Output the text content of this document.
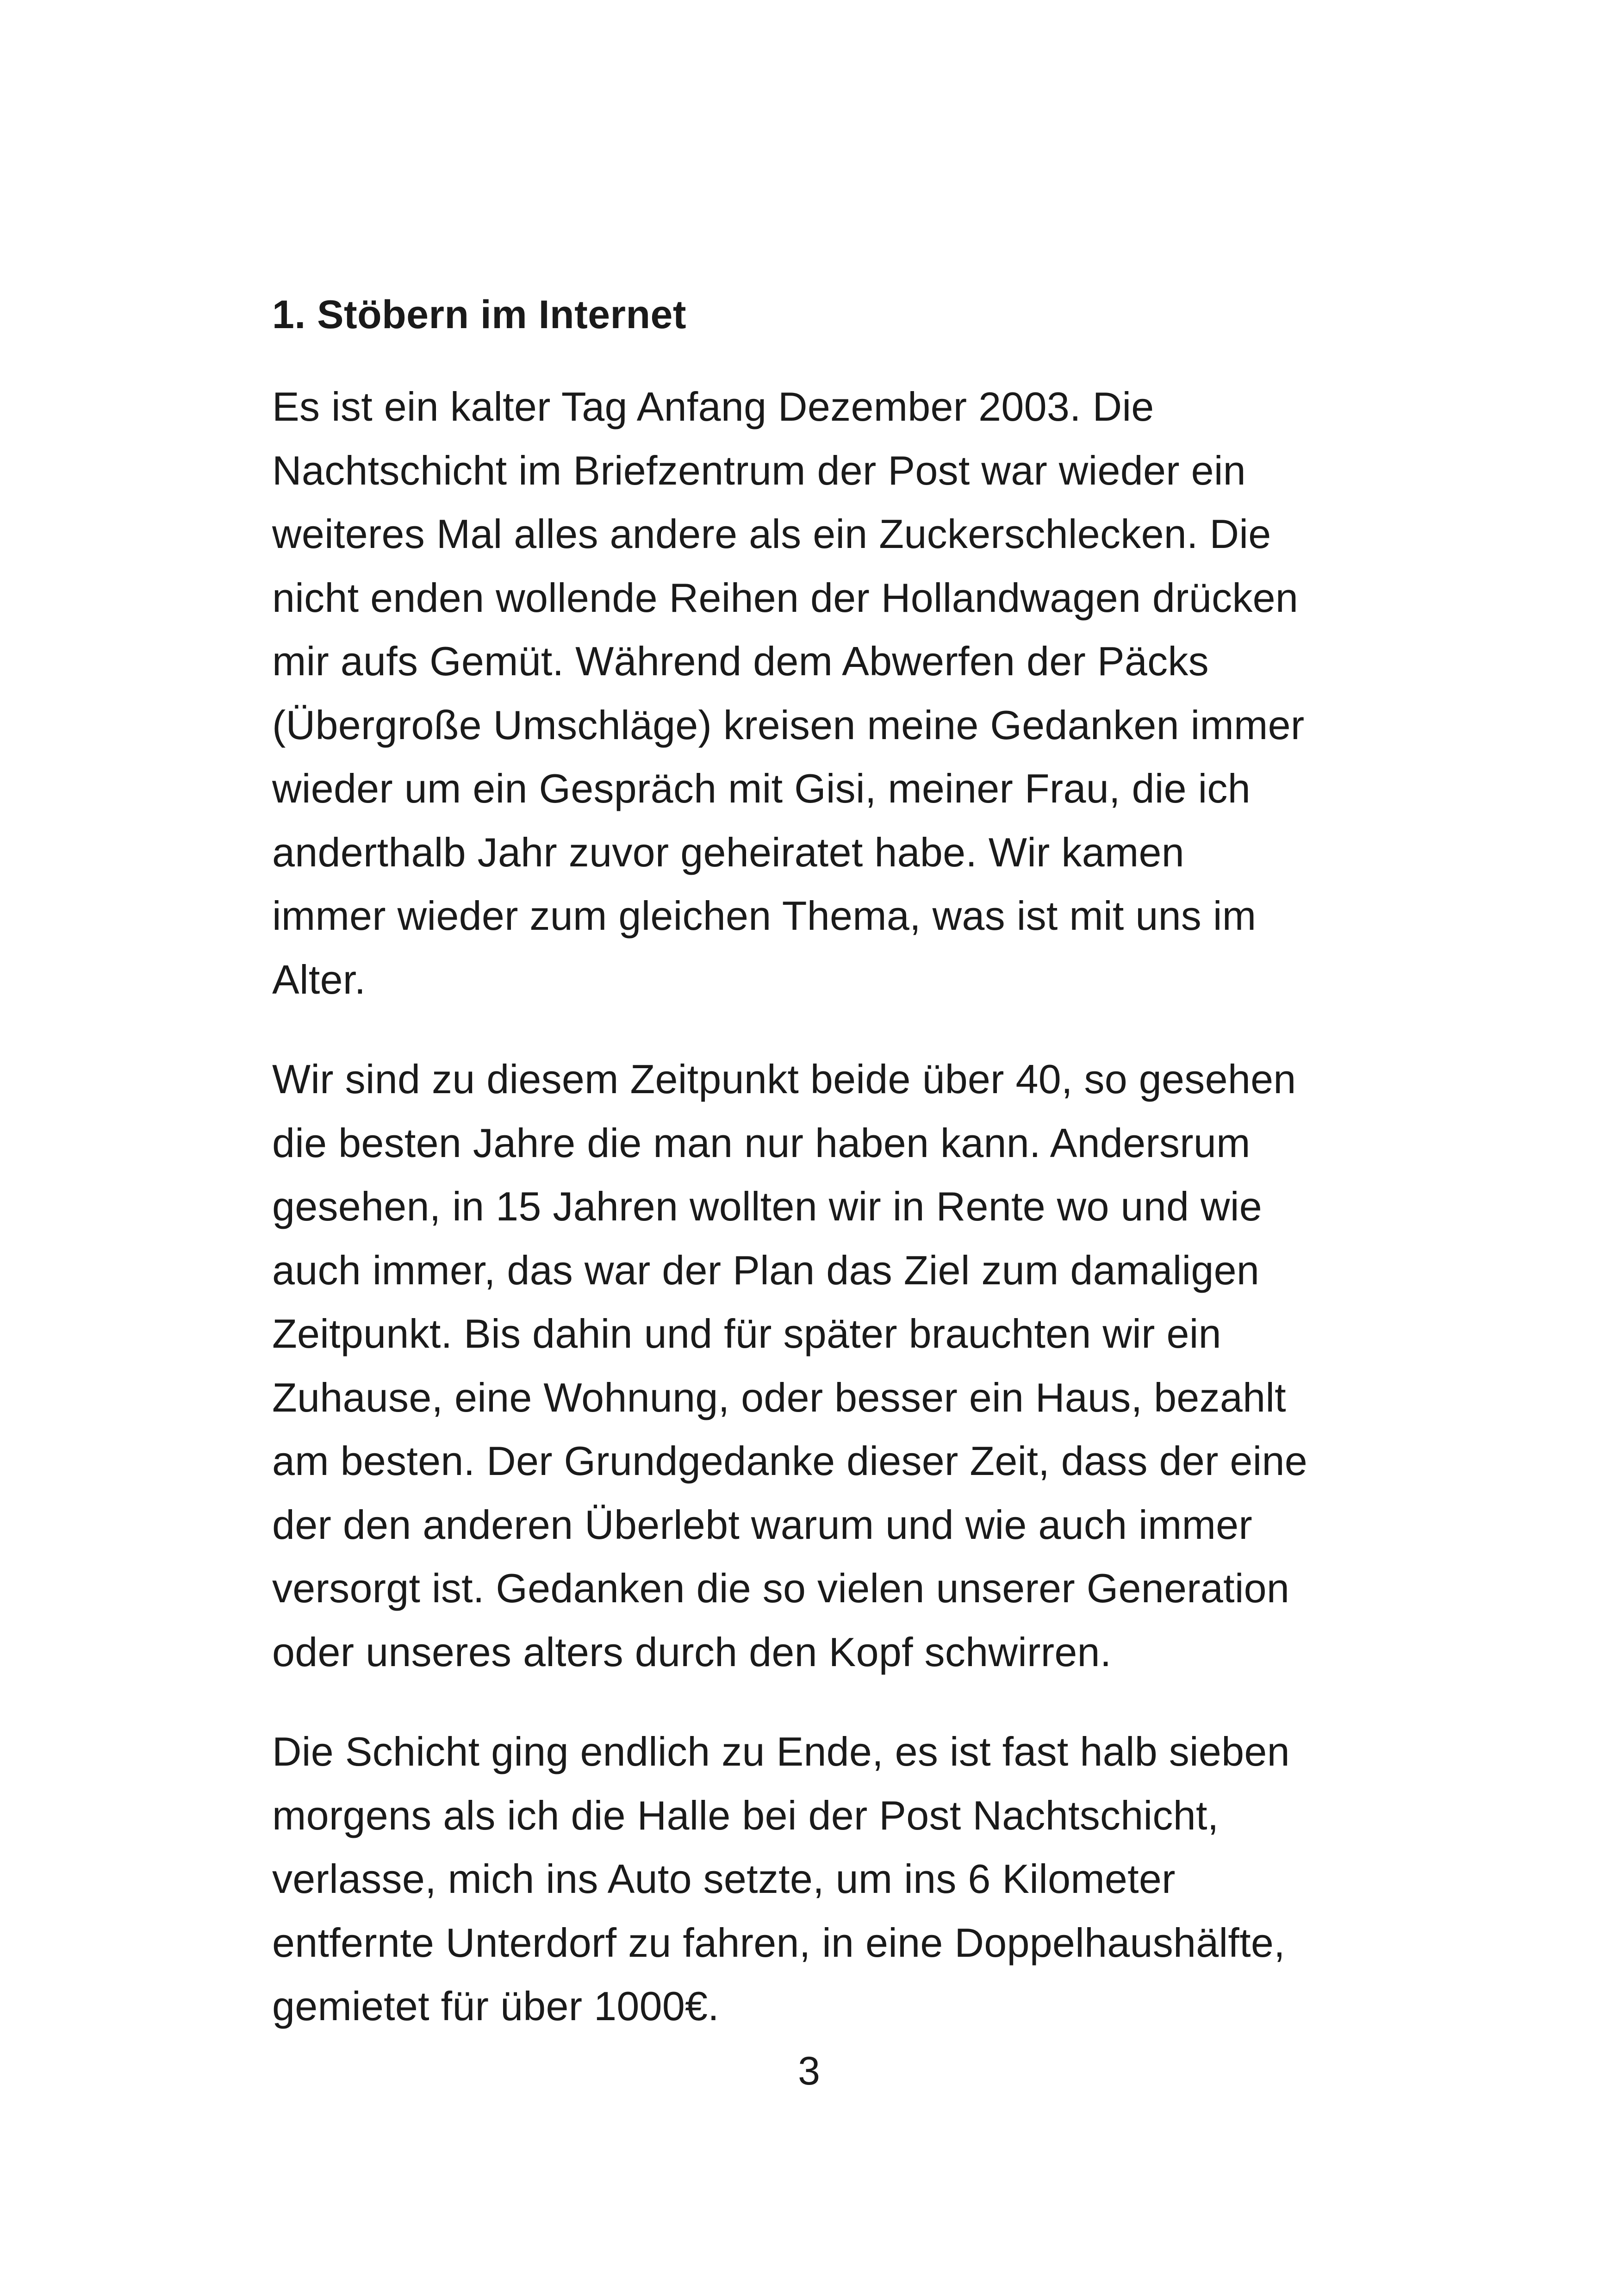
1. Stöbern im Internet

Es ist ein kalter Tag Anfang Dezember 2003. Die
Nachtschicht im Briefzentrum der Post war wieder ein
weiteres Mal alles andere als ein Zuckerschlecken. Die
nicht enden wollende Reihen der Hollandwagen drücken
mir aufs Gemüt. Während dem Abwerfen der Päcks
(Übergroße Umschläge) kreisen meine Gedanken immer
wieder um ein Gespräch mit Gisi, meiner Frau, die ich
anderthalb Jahr zuvor geheiratet habe. Wir kamen
immer wieder zum gleichen Thema, was ist mit uns im
Alter.

Wir sind zu diesem Zeitpunkt beide über 40, so gesehen
die besten Jahre die man nur haben kann. Andersrum
gesehen, in 15 Jahren wollten wir in Rente wo und wie
auch immer, das war der Plan das Ziel zum damaligen
Zeitpunkt. Bis dahin und für später brauchten wir ein
Zuhause, eine Wohnung, oder besser ein Haus, bezahlt
am besten. Der Grundgedanke dieser Zeit, dass der eine
der den anderen Überlebt warum und wie auch immer
versorgt ist. Gedanken die so vielen unserer Generation
oder unseres alters durch den Kopf schwirren.

Die Schicht ging endlich zu Ende, es ist fast halb sieben
morgens als ich die Halle bei der Post Nachtschicht,
verlasse, mich ins Auto setzte, um ins 6 Kilometer
entfernte Unterdorf zu fahren, in eine Doppelhaushälfte,
gemietet für über 1000€.

3
